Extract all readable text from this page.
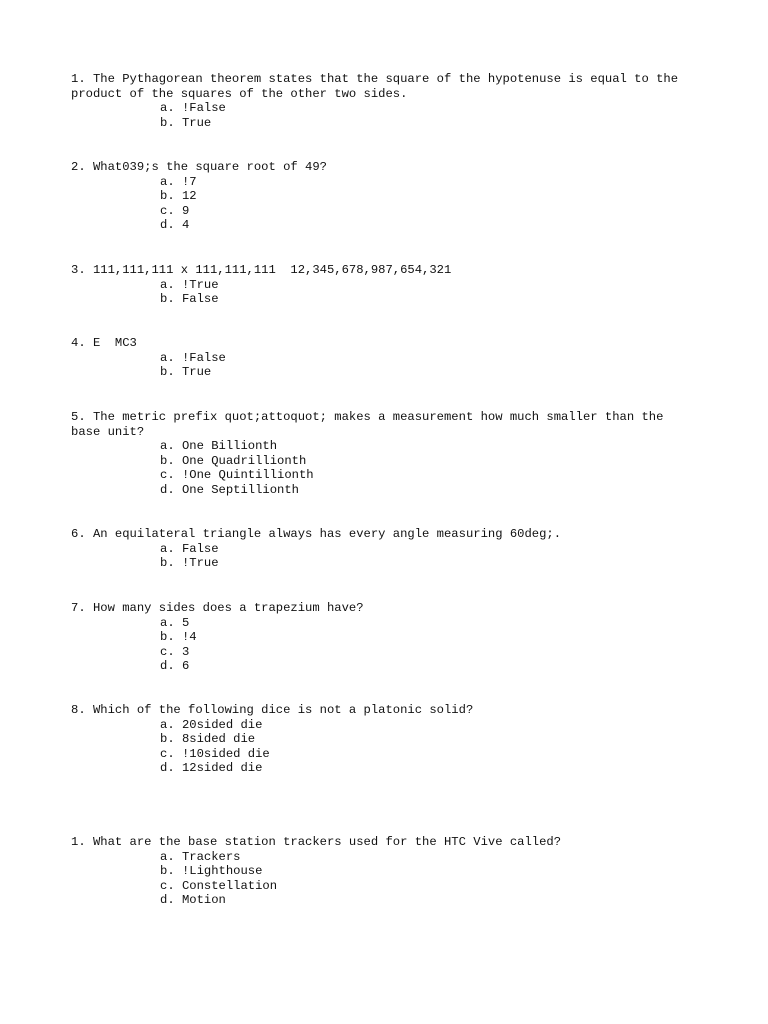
1. The Pythagorean theorem states that the square of the hypotenuse is equal to the
product of the squares of the other two sides.

a. !False
b. True

2. What039;s the square root of 49?

a. !7
b. 12
c. 9
d. 4

3. 111,111,111 x 111,111,111  12,345,678,987,654,321

a. !True
b. False

4. E  MC3

a. !False
b. True

5. The metric prefix quot;attoquot; makes a measurement how much smaller than the
base unit?

a. One Billionth
b. One Quadrillionth
c. !One Quintillionth
d. One Septillionth

6. An equilateral triangle always has every angle measuring 60deg;.

a. False
b. !True

7. How many sides does a trapezium have?

a. 5
b. !4
c. 3
d. 6

8. Which of the following dice is not a platonic solid?

a. 20sided die
b. 8sided die
c. !10sided die
d. 12sided die

1. What are the base station trackers used for the HTC Vive called?

a. Trackers
b. !Lighthouse
c. Constellation
d. Motion
